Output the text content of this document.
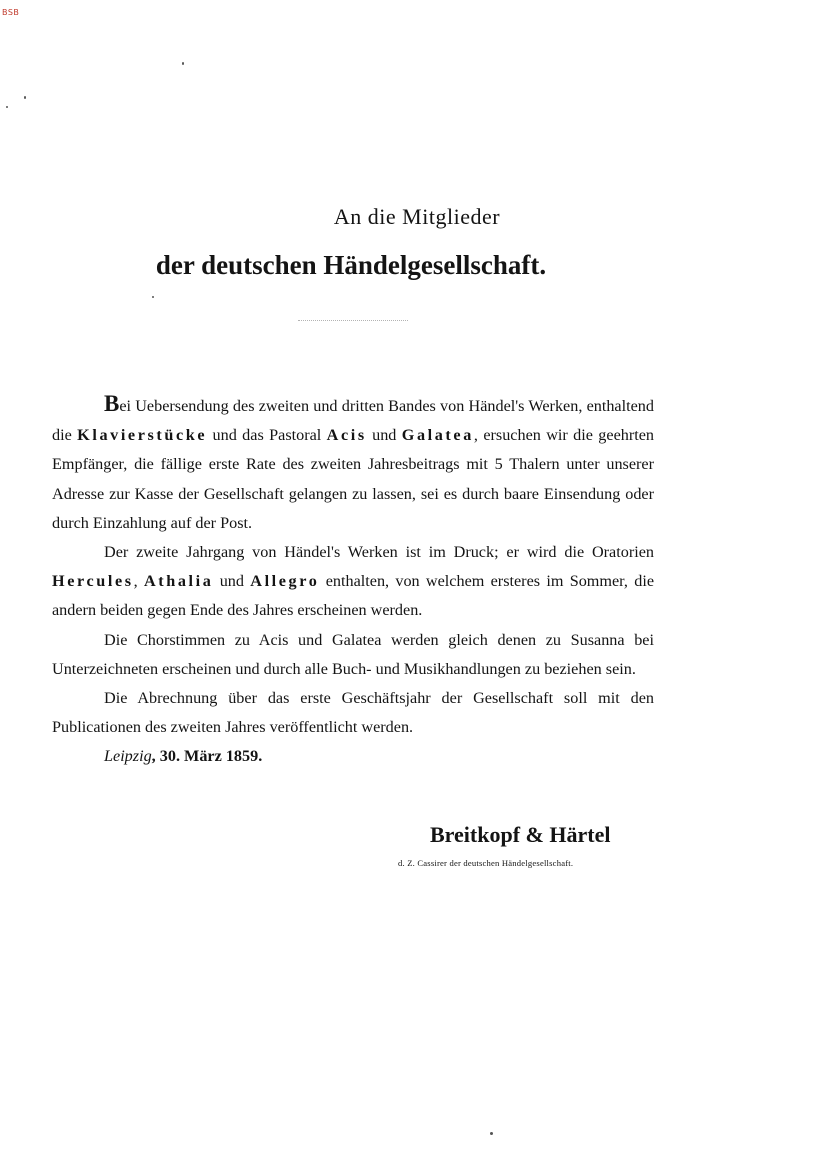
BSB
An die Mitglieder
der deutschen Händelgesellschaft.

Bei Uebersendung des zweiten und dritten Bandes von Händel's Werken, enthaltend die Klavierstücke und das Pastoral Acis und Galatea, ersuchen wir die geehrten Empfänger, die fällige erste Rate des zweiten Jahresbeitrags mit 5 Thalern unter unserer Adresse zur Kasse der Gesellschaft gelangen zu lassen, sei es durch baare Einsendung oder durch Einzahlung auf der Post.

Der zweite Jahrgang von Händel's Werken ist im Druck; er wird die Oratorien Hercules, Athalia und Allegro enthalten, von welchem ersteres im Sommer, die andern beiden gegen Ende des Jahres erscheinen werden.

Die Chorstimmen zu Acis und Galatea werden gleich denen zu Susanna bei Unterzeichneten erscheinen und durch alle Buch- und Musikhandlungen zu beziehen sein.

Die Abrechnung über das erste Geschäftsjahr der Gesellschaft soll mit den Publicationen des zweiten Jahres veröffentlicht werden.

Leipzig, 30. März 1859.

Breitkopf & Härtel
d. Z. Cassirer der deutschen Händelgesellschaft.
